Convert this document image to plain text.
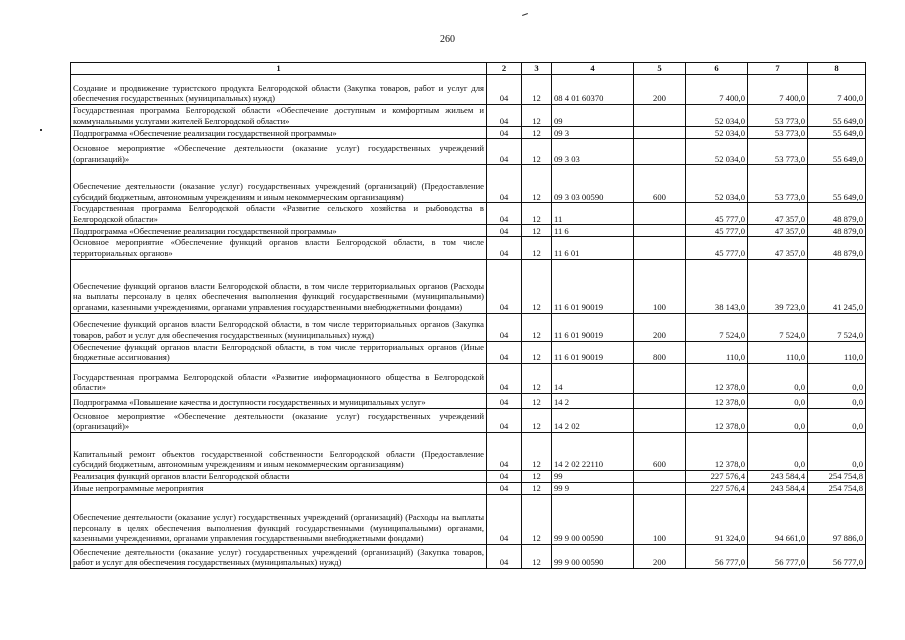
260
1	2	3	4	5	6	7	8
Создание и продвижение туристского продукта Белгородской области (Закупка товаров, работ и услуг для обеспечения государственных (муниципальных) нужд)	04	12	08 4 01 60370	200	7 400,0	7 400,0	7 400,0
Государственная программа Белгородской области «Обеспечение доступным и комфортным жильем и коммунальными услугами жителей Белгородской области»	04	12	09		52 034,0	53 773,0	55 649,0
Подпрограмма «Обеспечение реализации государственной программы»	04	12	09 3		52 034,0	53 773,0	55 649,0
Основное мероприятие «Обеспечение деятельности (оказание услуг) государственных учреждений (организаций)»	04	12	09 3 03		52 034,0	53 773,0	55 649,0
Обеспечение деятельности (оказание услуг) государственных учреждений (организаций) (Предоставление субсидий бюджетным, автономным учреждениям и иным некоммерческим организациям)	04	12	09 3 03 00590	600	52 034,0	53 773,0	55 649,0
Государственная программа Белгородской области «Развитие сельского хозяйства и рыбоводства в Белгородской области»	04	12	11		45 777,0	47 357,0	48 879,0
Подпрограмма «Обеспечение реализации государственной программы»	04	12	11 6		45 777,0	47 357,0	48 879,0
Основное мероприятие «Обеспечение функций органов власти Белгородской области, в том числе территориальных органов»	04	12	11 6 01		45 777,0	47 357,0	48 879,0
Обеспечение функций органов власти Белгородской области, в том числе территориальных органов (Расходы на выплаты персоналу в целях обеспечения выполнения функций государственными (муниципальными) органами, казенными учреждениями, органами управления государственными внебюджетными фондами)	04	12	11 6 01 90019	100	38 143,0	39 723,0	41 245,0
Обеспечение функций органов власти Белгородской области, в том числе территориальных органов (Закупка товаров, работ и услуг для обеспечения государственных (муниципальных) нужд)	04	12	11 6 01 90019	200	7 524,0	7 524,0	7 524,0
Обеспечение функций органов власти Белгородской области, в том числе территориальных органов (Иные бюджетные ассигнования)	04	12	11 6 01 90019	800	110,0	110,0	110,0
Государственная программа Белгородской области «Развитие информационного общества в Белгородской области»	04	12	14		12 378,0	0,0	0,0
Подпрограмма «Повышение качества и доступности государственных и муниципальных услуг»	04	12	14 2		12 378,0	0,0	0,0
Основное мероприятие «Обеспечение деятельности (оказание услуг) государственных учреждений (организаций)»	04	12	14 2 02		12 378,0	0,0	0,0
Капитальный ремонт объектов государственной собственности Белгородской области (Предоставление субсидий бюджетным, автономным учреждениям и иным некоммерческим организациям)	04	12	14 2 02 22110	600	12 378,0	0,0	0,0
Реализация функций органов власти Белгородской области	04	12	99		227 576,4	243 584,4	254 754,8
Иные непрограммные мероприятия	04	12	99 9		227 576,4	243 584,4	254 754,8
Обеспечение деятельности (оказание услуг) государственных учреждений (организаций) (Расходы на выплаты персоналу в целях обеспечения выполнения функций государственными (муниципальными) органами, казенными учреждениями, органами управления государственными внебюджетными фондами)	04	12	99 9 00 00590	100	91 324,0	94 661,0	97 886,0
Обеспечение деятельности (оказание услуг) государственных учреждений (организаций) (Закупка товаров, работ и услуг для обеспечения государственных (муниципальных) нужд)	04	12	99 9 00 00590	200	56 777,0	56 777,0	56 777,0
